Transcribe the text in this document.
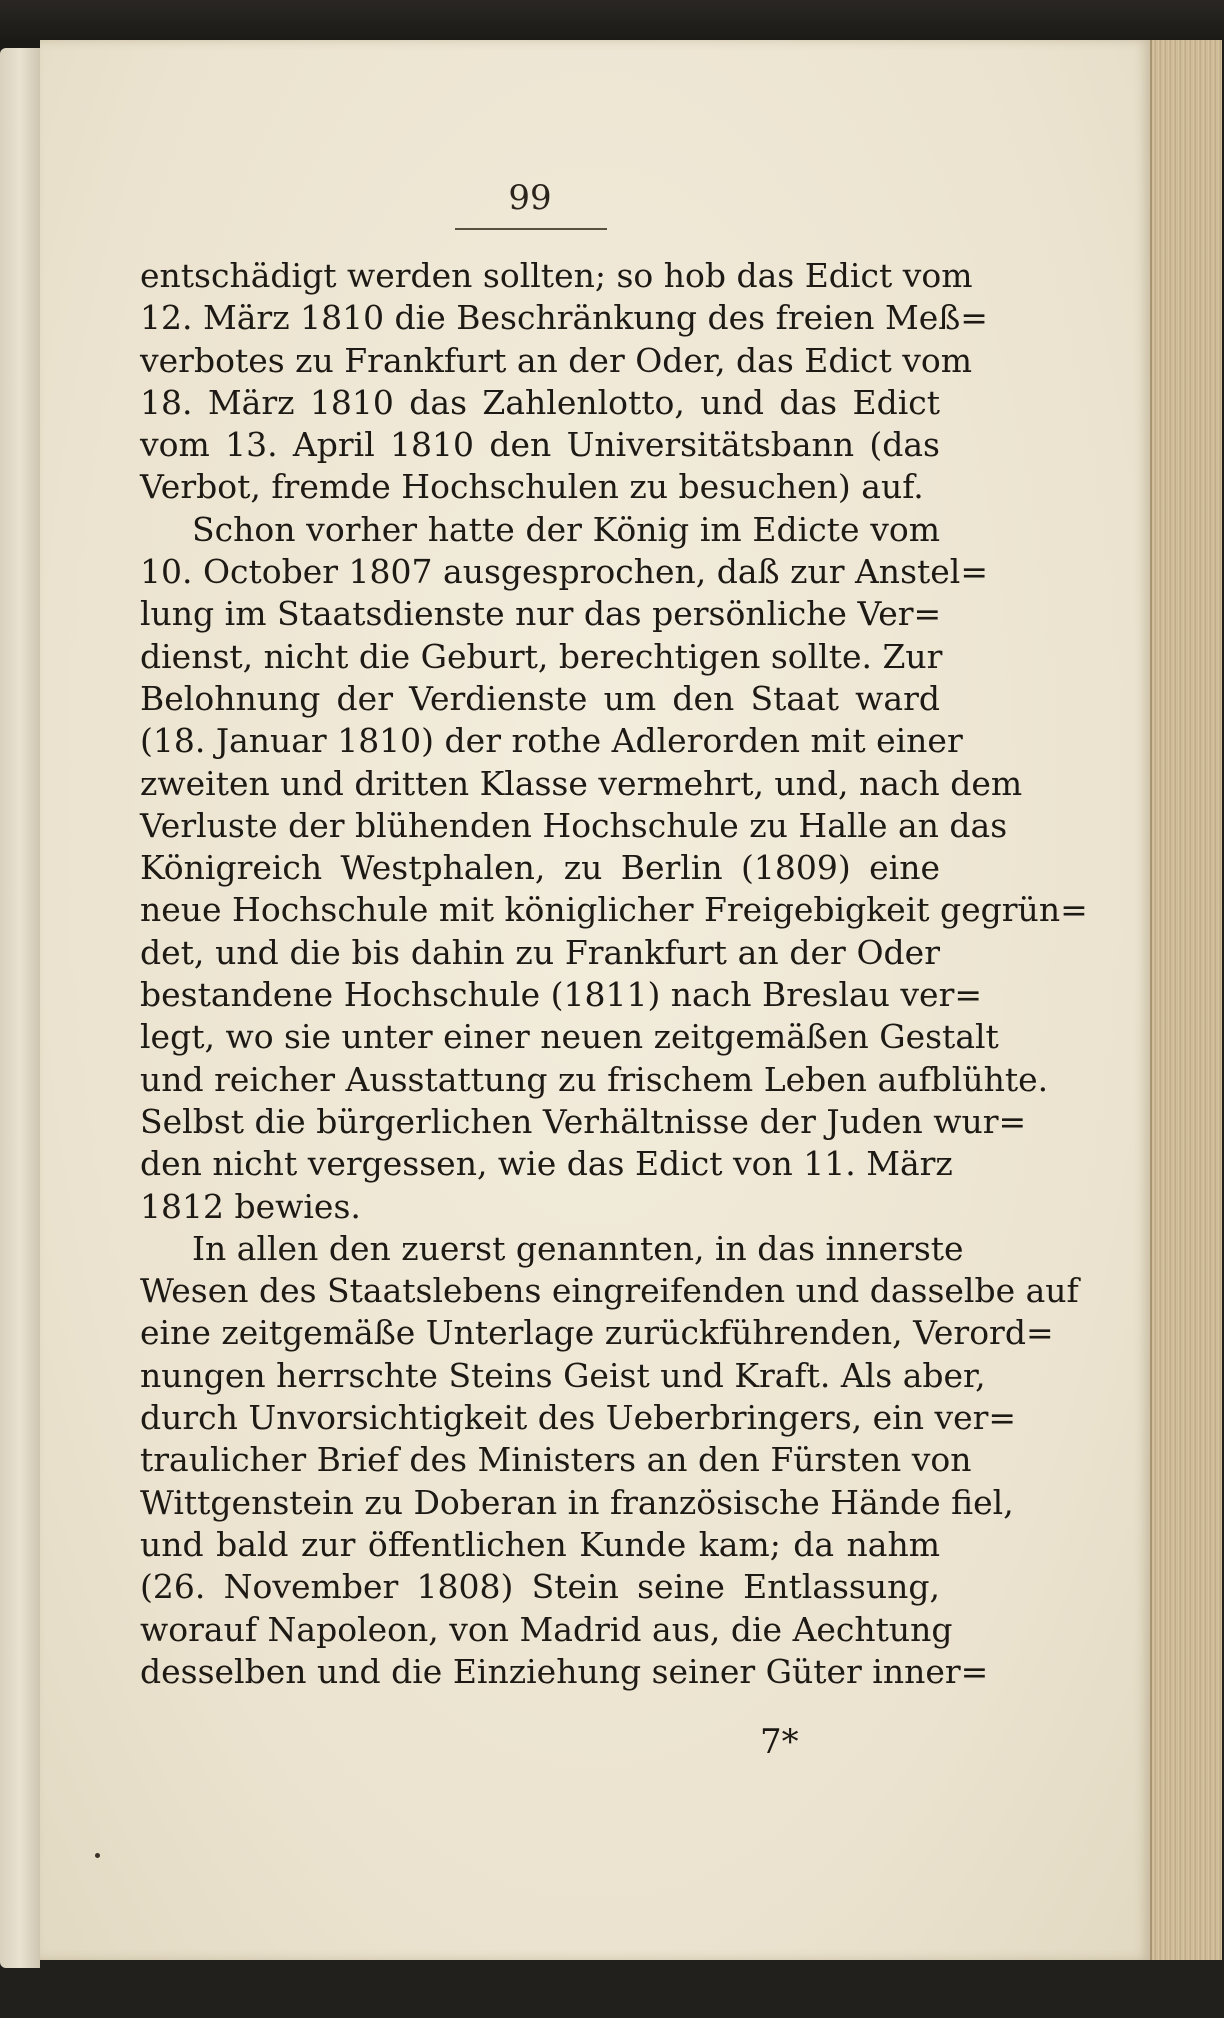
99
entschädigt werden sollten; so hob das Edict vom
12. März 1810 die Beschränkung des freien Meß=
verbotes zu Frankfurt an der Oder, das Edict vom
18. März 1810 das Zahlenlotto, und das Edict
vom 13. April 1810 den Universitätsbann (das
Verbot, fremde Hochschulen zu besuchen) auf.
Schon vorher hatte der König im Edicte vom
10. October 1807 ausgesprochen, daß zur Anstel=
lung im Staatsdienste nur das persönliche Ver=
dienst, nicht die Geburt, berechtigen sollte. Zur
Belohnung der Verdienste um den Staat ward
(18. Januar 1810) der rothe Adlerorden mit einer
zweiten und dritten Klasse vermehrt, und, nach dem
Verluste der blühenden Hochschule zu Halle an das
Königreich Westphalen, zu Berlin (1809) eine
neue Hochschule mit königlicher Freigebigkeit gegrün=
det, und die bis dahin zu Frankfurt an der Oder
bestandene Hochschule (1811) nach Breslau ver=
legt, wo sie unter einer neuen zeitgemäßen Gestalt
und reicher Ausstattung zu frischem Leben aufblühte.
Selbst die bürgerlichen Verhältnisse der Juden wur=
den nicht vergessen, wie das Edict von 11. März
1812 bewies.
In allen den zuerst genannten, in das innerste
Wesen des Staatslebens eingreifenden und dasselbe auf
eine zeitgemäße Unterlage zurückführenden, Verord=
nungen herrschte Steins Geist und Kraft. Als aber,
durch Unvorsichtigkeit des Ueberbringers, ein ver=
traulicher Brief des Ministers an den Fürsten von
Wittgenstein zu Doberan in französische Hände fiel,
und bald zur öffentlichen Kunde kam; da nahm
(26. November 1808) Stein seine Entlassung,
worauf Napoleon, von Madrid aus, die Aechtung
desselben und die Einziehung seiner Güter inner=
7*
